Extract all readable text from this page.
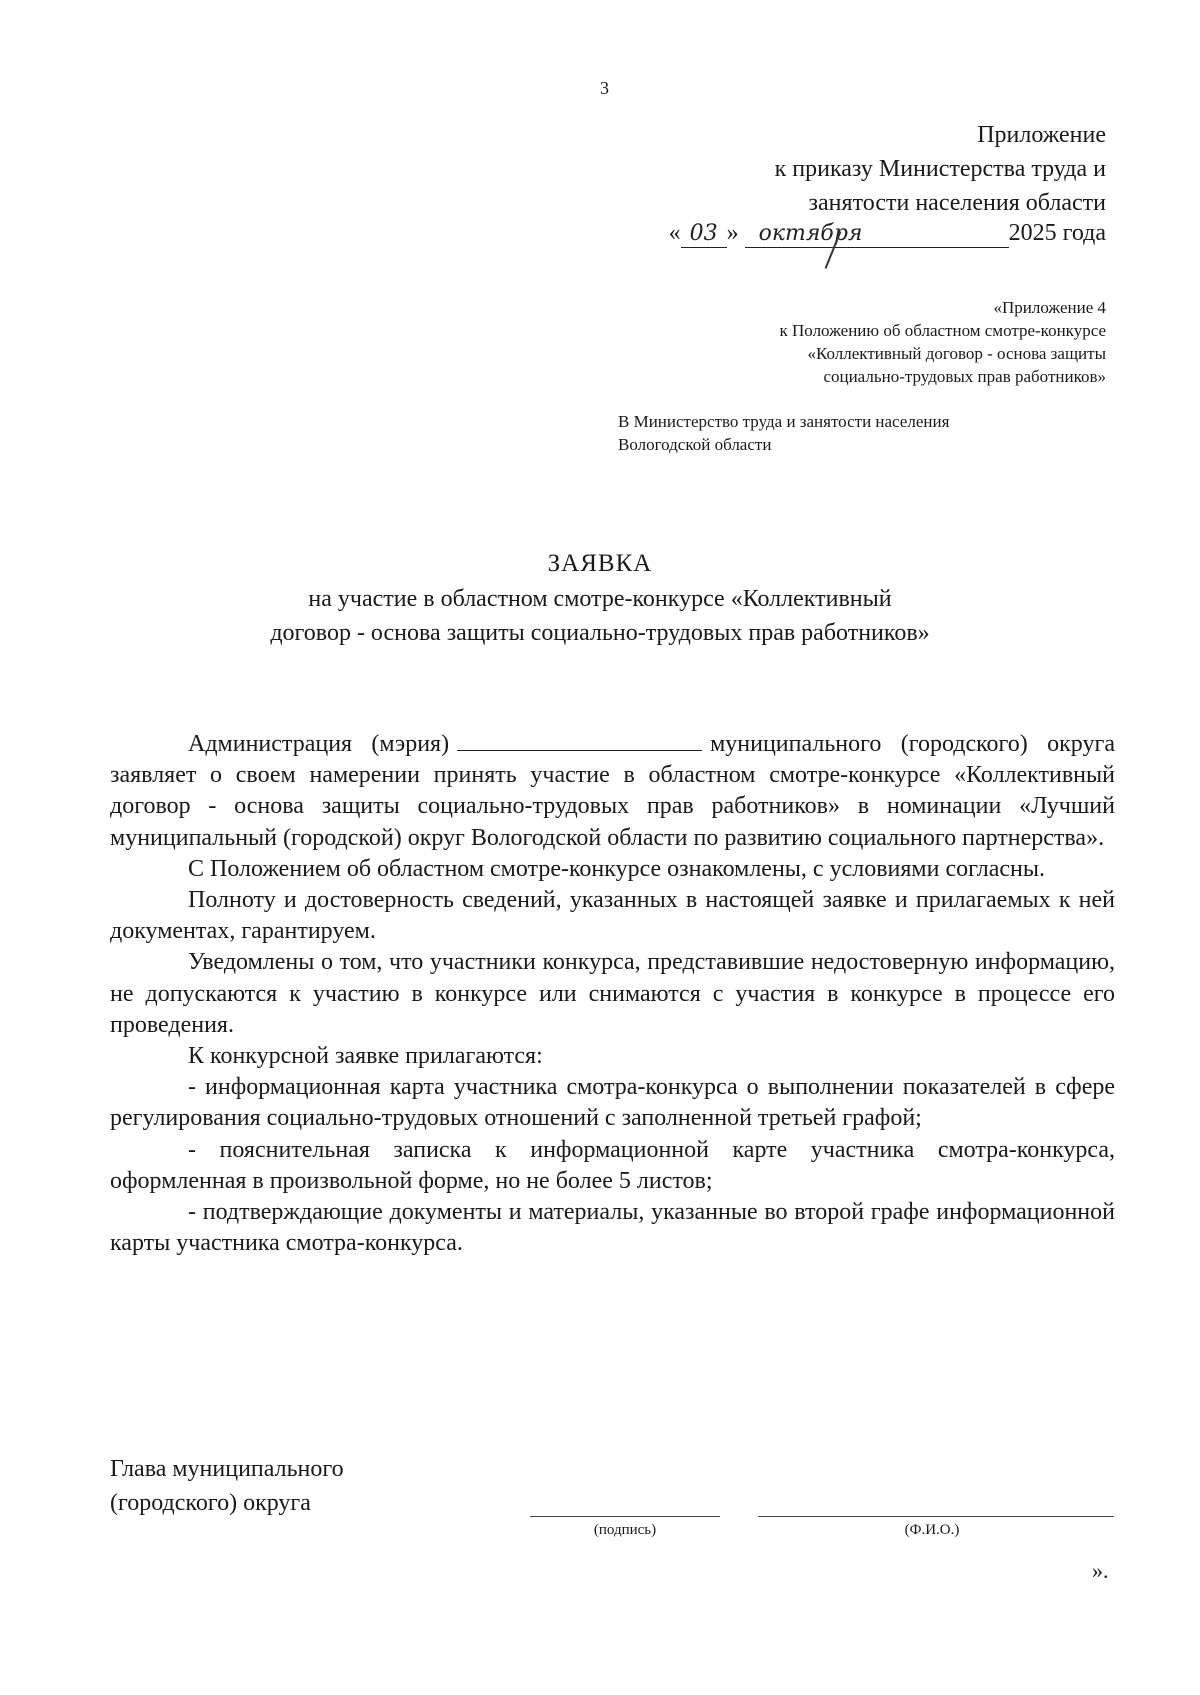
3
Приложение
к приказу Министерства труда и
занятости населения области
« 03 » октября	2025 года
«Приложение 4
к Положению об областном смотре-конкурсе
«Коллективный договор - основа защиты
социально-трудовых прав работников»
В Министерство труда и занятости населения
Вологодской области
ЗАЯВКА
на участие в областном смотре-конкурсе «Коллективный
договор - основа защиты социально-трудовых прав работников»

Администрация (мэрия)	муниципального (городского) округа заявляет о своем намерении принять участие в областном смотре-конкурсе «Коллективный договор - основа защиты социально-трудовых прав работников» в номинации «Лучший муниципальный (городской) округ Вологодской области по развитию социального партнерства».

С Положением об областном смотре-конкурсе ознакомлены, с условиями согласны.

Полноту и достоверность сведений, указанных в настоящей заявке и прилагаемых к ней документах, гарантируем.

Уведомлены о том, что участники конкурса, представившие недостоверную информацию, не допускаются к участию в конкурсе или снимаются с участия в конкурсе в процессе его проведения.

К конкурсной заявке прилагаются:

- информационная карта участника смотра-конкурса о выполнении показателей в сфере регулирования социально-трудовых отношений с заполненной третьей графой;

- пояснительная записка к информационной карте участника смотра-конкурса, оформленная в произвольной форме, но не более 5 листов;

- подтверждающие документы и материалы, указанные во второй графе информационной карты участника смотра-конкурса.

Глава муниципального
(городского) округа
(подпись)	(Ф.И.О.)
».
